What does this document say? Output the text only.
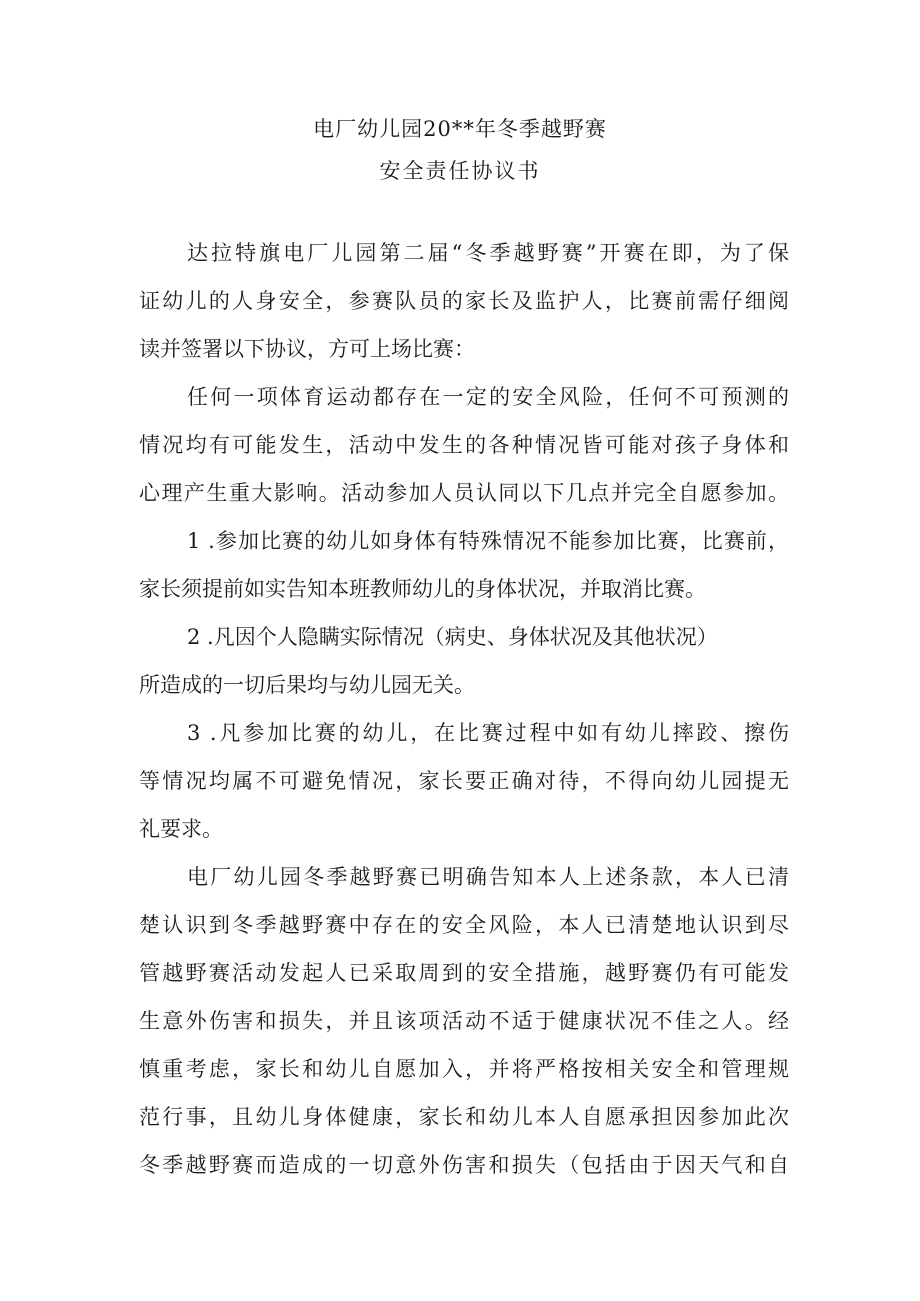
电厂幼儿园20**年冬季越野赛
安全责任协议书
达拉特旗电厂儿园第二届“冬季越野赛”开赛在即，为了保
证幼儿的人身安全，参赛队员的家长及监护人，比赛前需仔细阅
读并签署以下协议，方可上场比赛：
任何一项体育运动都存在一定的安全风险，任何不可预测的
情况均有可能发生，活动中发生的各种情况皆可能对孩子身体和
心理产生重大影响。活动参加人员认同以下几点并完全自愿参加。
1 .参加比赛的幼儿如身体有特殊情况不能参加比赛，比赛前，
家长须提前如实告知本班教师幼儿的身体状况，并取消比赛。
2 .凡因个人隐瞒实际情况（病史、身体状况及其他状况）
所造成的一切后果均与幼儿园无关。
3 .凡参加比赛的幼儿，在比赛过程中如有幼儿摔跤、擦伤
等情况均属不可避免情况，家长要正确对待，不得向幼儿园提无
礼要求。
电厂幼儿园冬季越野赛已明确告知本人上述条款，本人已清
楚认识到冬季越野赛中存在的安全风险，本人已清楚地认识到尽
管越野赛活动发起人已采取周到的安全措施，越野赛仍有可能发
生意外伤害和损失，并且该项活动不适于健康状况不佳之人。经
慎重考虑，家长和幼儿自愿加入，并将严格按相关安全和管理规
范行事，且幼儿身体健康，家长和幼儿本人自愿承担因参加此次
冬季越野赛而造成的一切意外伤害和损失（包括由于因天气和自
